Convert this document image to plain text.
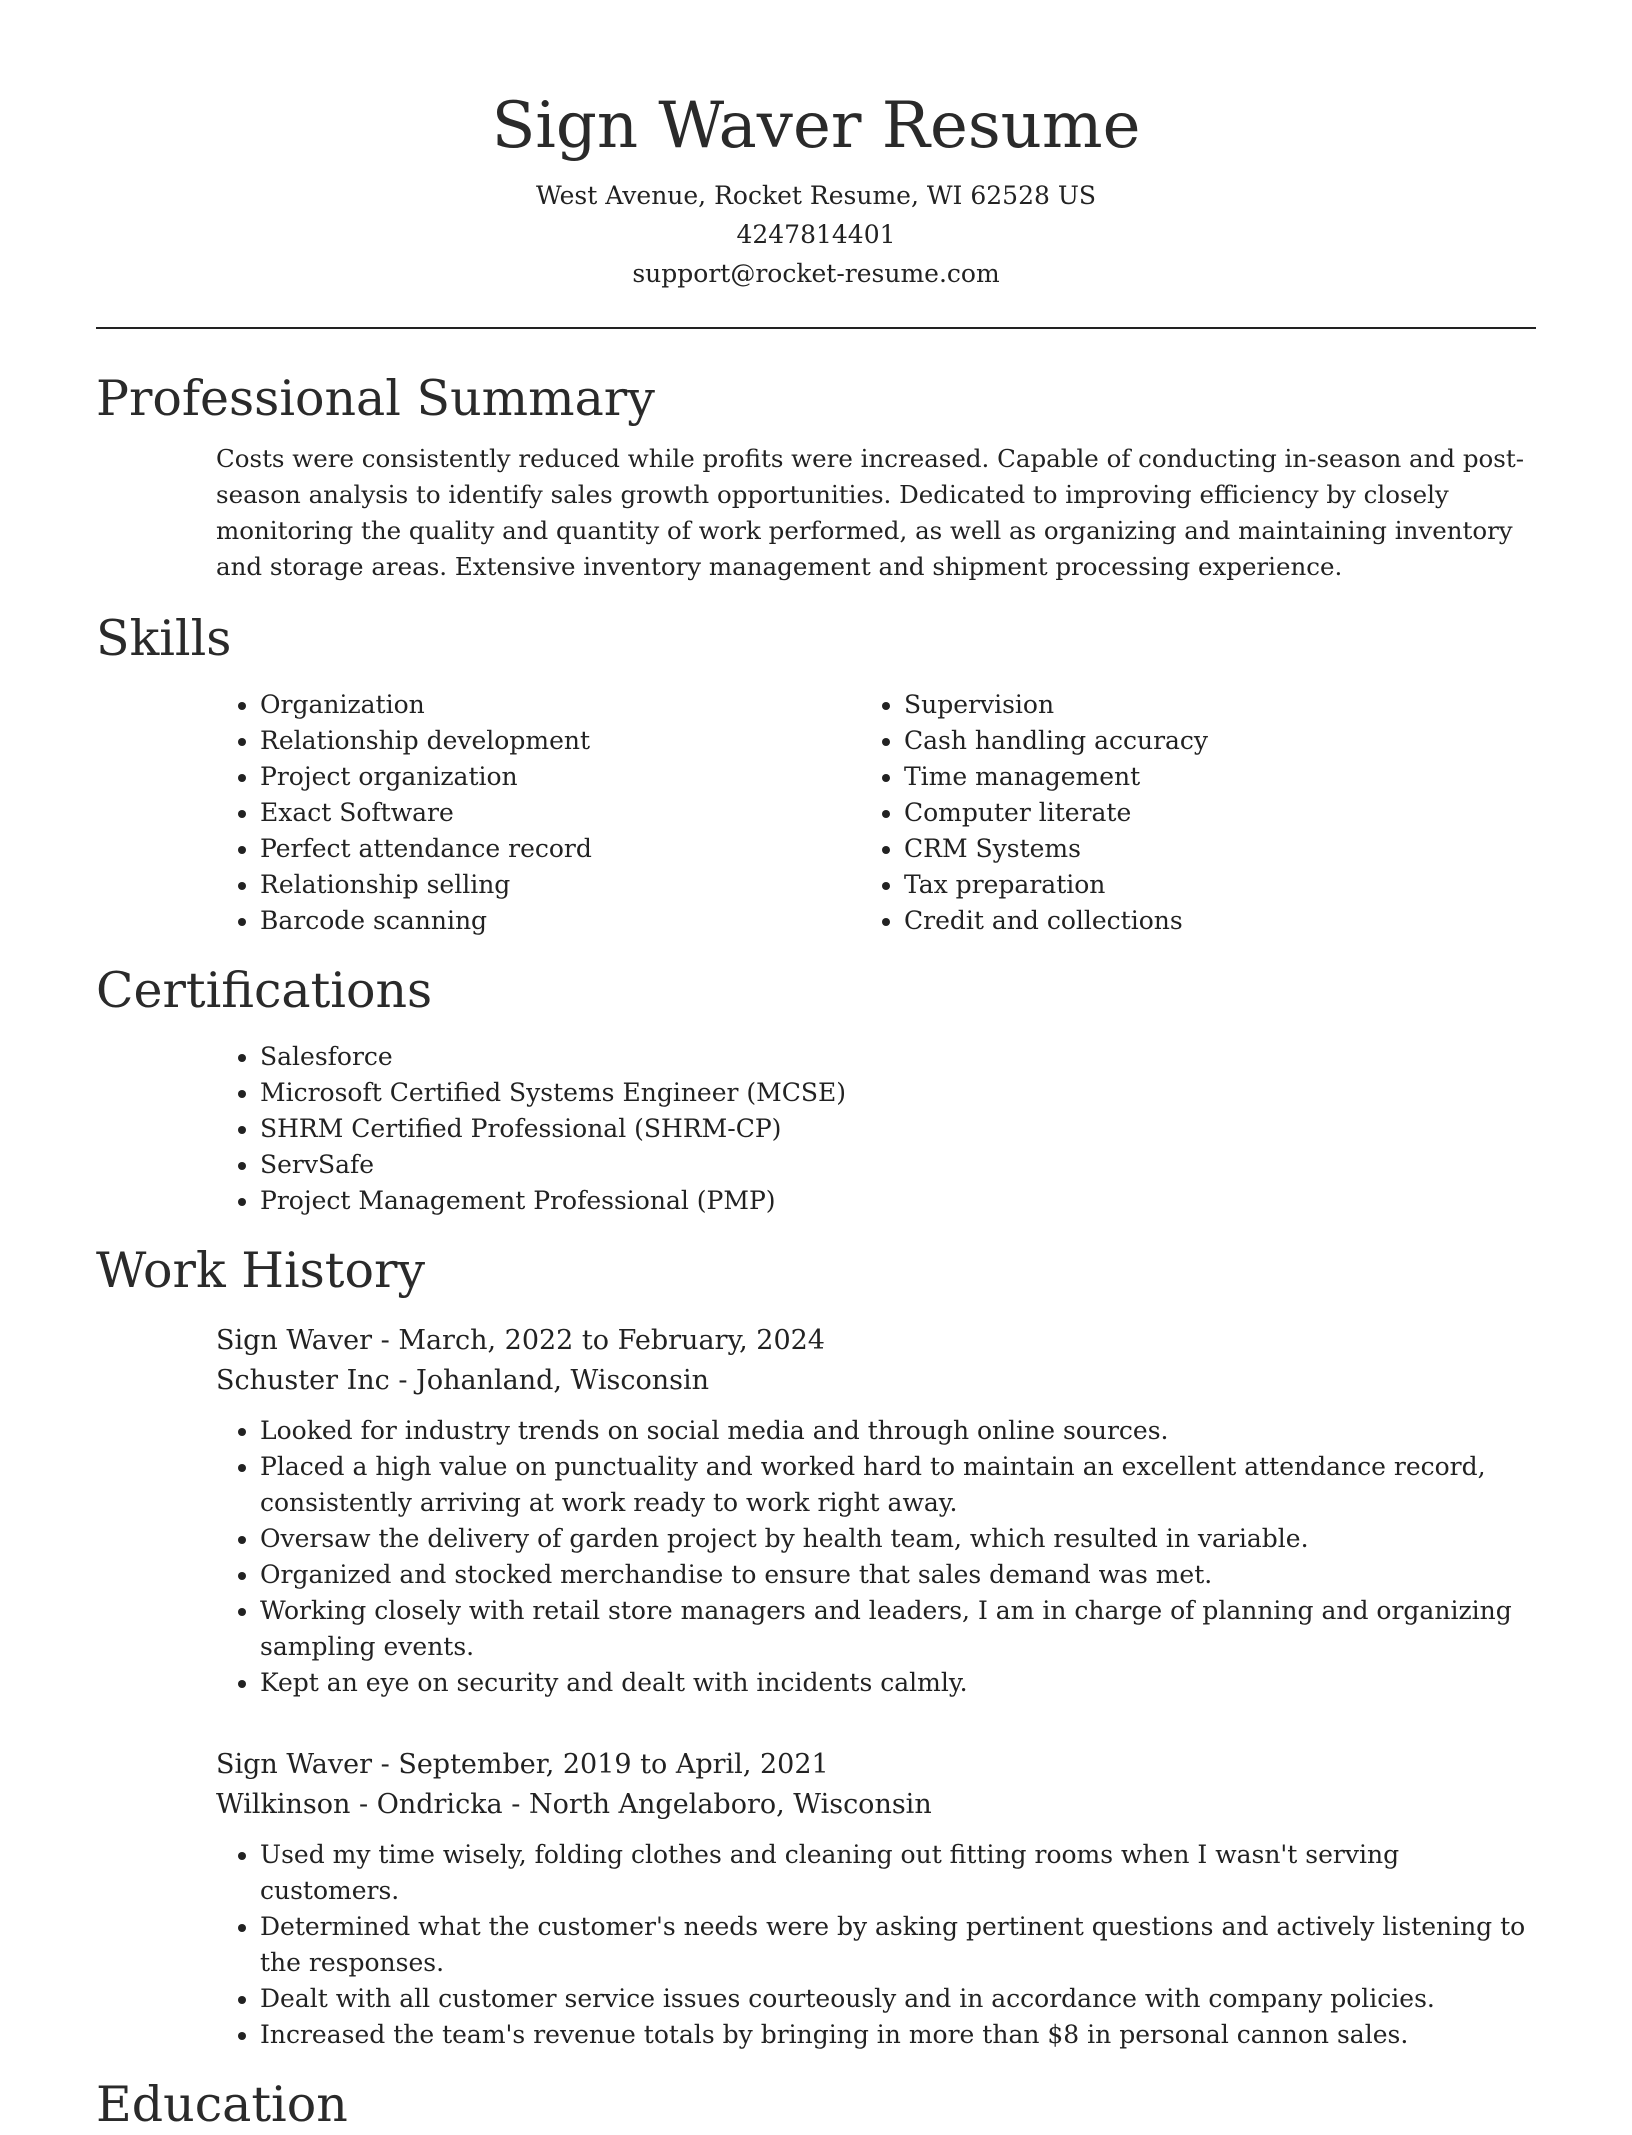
Sign Waver Resume
West Avenue, Rocket Resume, WI 62528 US
4247814401
support@rocket-resume.com
Professional Summary

Costs were consistently reduced while profits were increased. Capable of conducting in-season and post-season analysis to identify sales growth opportunities. Dedicated to improving efficiency by closely monitoring the quality and quantity of work performed, as well as organizing and maintaining inventory and storage areas. Extensive inventory management and shipment processing experience.

Skills
• Organization
• Relationship development
• Project organization
• Exact Software
• Perfect attendance record
• Relationship selling
• Barcode scanning
• Supervision
• Cash handling accuracy
• Time management
• Computer literate
• CRM Systems
• Tax preparation
• Credit and collections
Certifications
• Salesforce
• Microsoft Certified Systems Engineer (MCSE)
• SHRM Certified Professional (SHRM-CP)
• ServSafe
• Project Management Professional (PMP)
Work History
Sign Waver - March, 2022 to February, 2024
Schuster Inc - Johanland, Wisconsin
• Looked for industry trends on social media and through online sources.
• Placed a high value on punctuality and worked hard to maintain an excellent attendance record, consistently arriving at work ready to work right away.
• Oversaw the delivery of garden project by health team, which resulted in variable.
• Organized and stocked merchandise to ensure that sales demand was met.
• Working closely with retail store managers and leaders, I am in charge of planning and organizing sampling events.
• Kept an eye on security and dealt with incidents calmly.
Sign Waver - September, 2019 to April, 2021
Wilkinson - Ondricka - North Angelaboro, Wisconsin
• Used my time wisely, folding clothes and cleaning out fitting rooms when I wasn't serving customers.
• Determined what the customer's needs were by asking pertinent questions and actively listening to the responses.
• Dealt with all customer service issues courteously and in accordance with company policies.
• Increased the team's revenue totals by bringing in more than $8 in personal cannon sales.
Education
